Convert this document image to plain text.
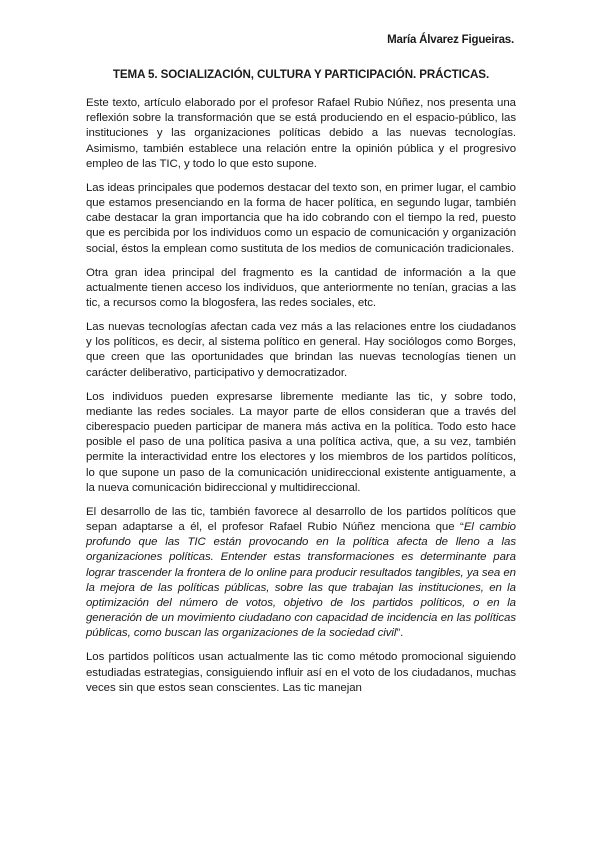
María Álvarez Figueiras.
TEMA 5. SOCIALIZACIÓN, CULTURA Y PARTICIPACIÓN. PRÁCTICAS.

Este texto, artículo elaborado por el profesor Rafael Rubio Núñez, nos presenta una reflexión sobre la transformación que se está produciendo en el espacio-público, las instituciones y las organizaciones políticas debido a las nuevas tecnologías. Asimismo, también establece una relación entre la opinión pública y el progresivo empleo de las TIC, y todo lo que esto supone.

Las ideas principales que podemos destacar del texto son, en primer lugar, el cambio que estamos presenciando en la forma de hacer política, en segundo lugar, también cabe destacar la gran importancia que ha ido cobrando con el tiempo la red, puesto que es percibida por los individuos como un espacio de comunicación y organización social, éstos la emplean como sustituta de los medios de comunicación tradicionales.

Otra gran idea principal del fragmento es la cantidad de información a la que actualmente tienen acceso los individuos, que anteriormente no tenían, gracias a las tic, a recursos como la blogosfera, las redes sociales, etc.

Las nuevas tecnologías afectan cada vez más a las relaciones entre los ciudadanos y los políticos, es decir, al sistema político en general. Hay sociólogos como Borges, que creen que las oportunidades que brindan las nuevas tecnologías tienen un carácter deliberativo, participativo y democratizador.

Los individuos pueden expresarse libremente mediante las tic, y sobre todo, mediante las redes sociales. La mayor parte de ellos consideran que a través del ciberespacio pueden participar de manera más activa en la política. Todo esto hace posible el paso de una política pasiva a una política activa, que, a su vez, también permite la interactividad entre los electores y los miembros de los partidos políticos, lo que supone un paso de la comunicación unidireccional existente antiguamente, a la nueva comunicación bidireccional y multidireccional.

El desarrollo de las tic, también favorece al desarrollo de los partidos políticos que sepan adaptarse a él, el profesor Rafael Rubio Núñez menciona que “El cambio profundo que las TIC están provocando en la política afecta de lleno a las organizaciones políticas. Entender estas transformaciones es determinante para lograr trascender la frontera de lo online para producir resultados tangibles, ya sea en la mejora de las políticas públicas, sobre las que trabajan las instituciones, en la optimización del número de votos, objetivo de los partidos políticos, o en la generación de un movimiento ciudadano con capacidad de incidencia en las políticas públicas, como buscan las organizaciones de la sociedad civil”.

Los partidos políticos usan actualmente las tic como método promocional siguiendo estudiadas estrategias, consiguiendo influir así en el voto de los ciudadanos, muchas veces sin que estos sean conscientes. Las tic manejan
